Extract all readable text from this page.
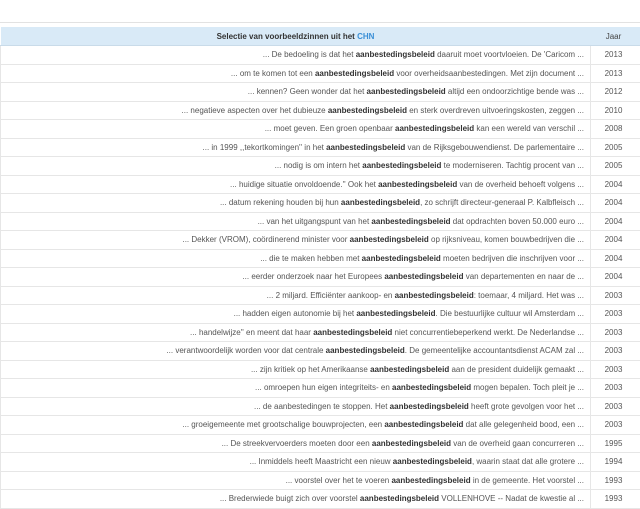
Selectie van voorbeeldzinnen uit het CHN	Jaar
... De bedoeling is dat het aanbestedingsbeleid daaruit moet voortvloeien. De 'Caricom ...	2013
... om te komen tot een aanbestedingsbeleid voor overheidsaanbestedingen. Met zijn document ...	2013
... kennen? Geen wonder dat het aanbestedingsbeleid altijd een ondoorzichtige bende was ...	2012
... negatieve aspecten over het dubieuze aanbestedingsbeleid en sterk overdreven uitvoeringskosten, zeggen ...	2010
... moet geven. Een groen openbaar aanbestedingsbeleid kan een wereld van verschil ...	2008
... in 1999 ,,tekortkomingen'' in het aanbestedingsbeleid van de Rijksgebouwendienst. De parlementaire ...	2005
... nodig is om intern het aanbestedingsbeleid te moderniseren. Tachtig procent van ...	2005
... huidige situatie onvoldoende.'' Ook het aanbestedingsbeleid van de overheid behoeft volgens ...	2004
... datum rekening houden bij hun aanbestedingsbeleid, zo schrijft directeur-generaal P. Kalbfleisch ...	2004
... van het uitgangspunt van het aanbestedingsbeleid dat opdrachten boven 50.000 euro ...	2004
... Dekker (VROM), coördinerend minister voor aanbestedingsbeleid op rijksniveau, komen bouwbedrijven die ...	2004
... die te maken hebben met aanbestedingsbeleid moeten bedrijven die inschrijven voor ...	2004
... eerder onderzoek naar het Europees aanbestedingsbeleid van departementen en naar de ...	2004
... 2 miljard. Efficiënter aankoop- en aanbestedingsbeleid: toemaar, 4 miljard. Het was ...	2003
... hadden eigen autonomie bij het aanbestedingsbeleid. Die bestuurlijke cultuur wil Amsterdam ...	2003
... handelwijze'' en meent dat haar aanbestedingsbeleid niet concurrentiebeperkend werkt. De Nederlandse ...	2003
... verantwoordelijk worden voor dat centrale aanbestedingsbeleid. De gemeentelijke accountantsdienst ACAM zal ...	2003
... zijn kritiek op het Amerikaanse aanbestedingsbeleid aan de president duidelijk gemaakt ...	2003
... omroepen hun eigen integriteits- en aanbestedingsbeleid mogen bepalen. Toch pleit je ...	2003
... de aanbestedingen te stoppen. Het aanbestedingsbeleid heeft grote gevolgen voor het ...	2003
... groeigemeente met grootschalige bouwprojecten, een aanbestedingsbeleid dat alle gelegenheid bood, een ...	2003
... De streekvervoerders moeten door een aanbestedingsbeleid van de overheid gaan concurreren ...	1995
... Inmiddels heeft Maastricht een nieuw aanbestedingsbeleid, waarin staat dat alle grotere ...	1994
... voorstel over het te voeren aanbestedingsbeleid in de gemeente. Het voorstel ...	1993
... Brederwiede buigt zich over voorstel aanbestedingsbeleid VOLLENHOVE -- Nadat de kwestie al ...	1993
